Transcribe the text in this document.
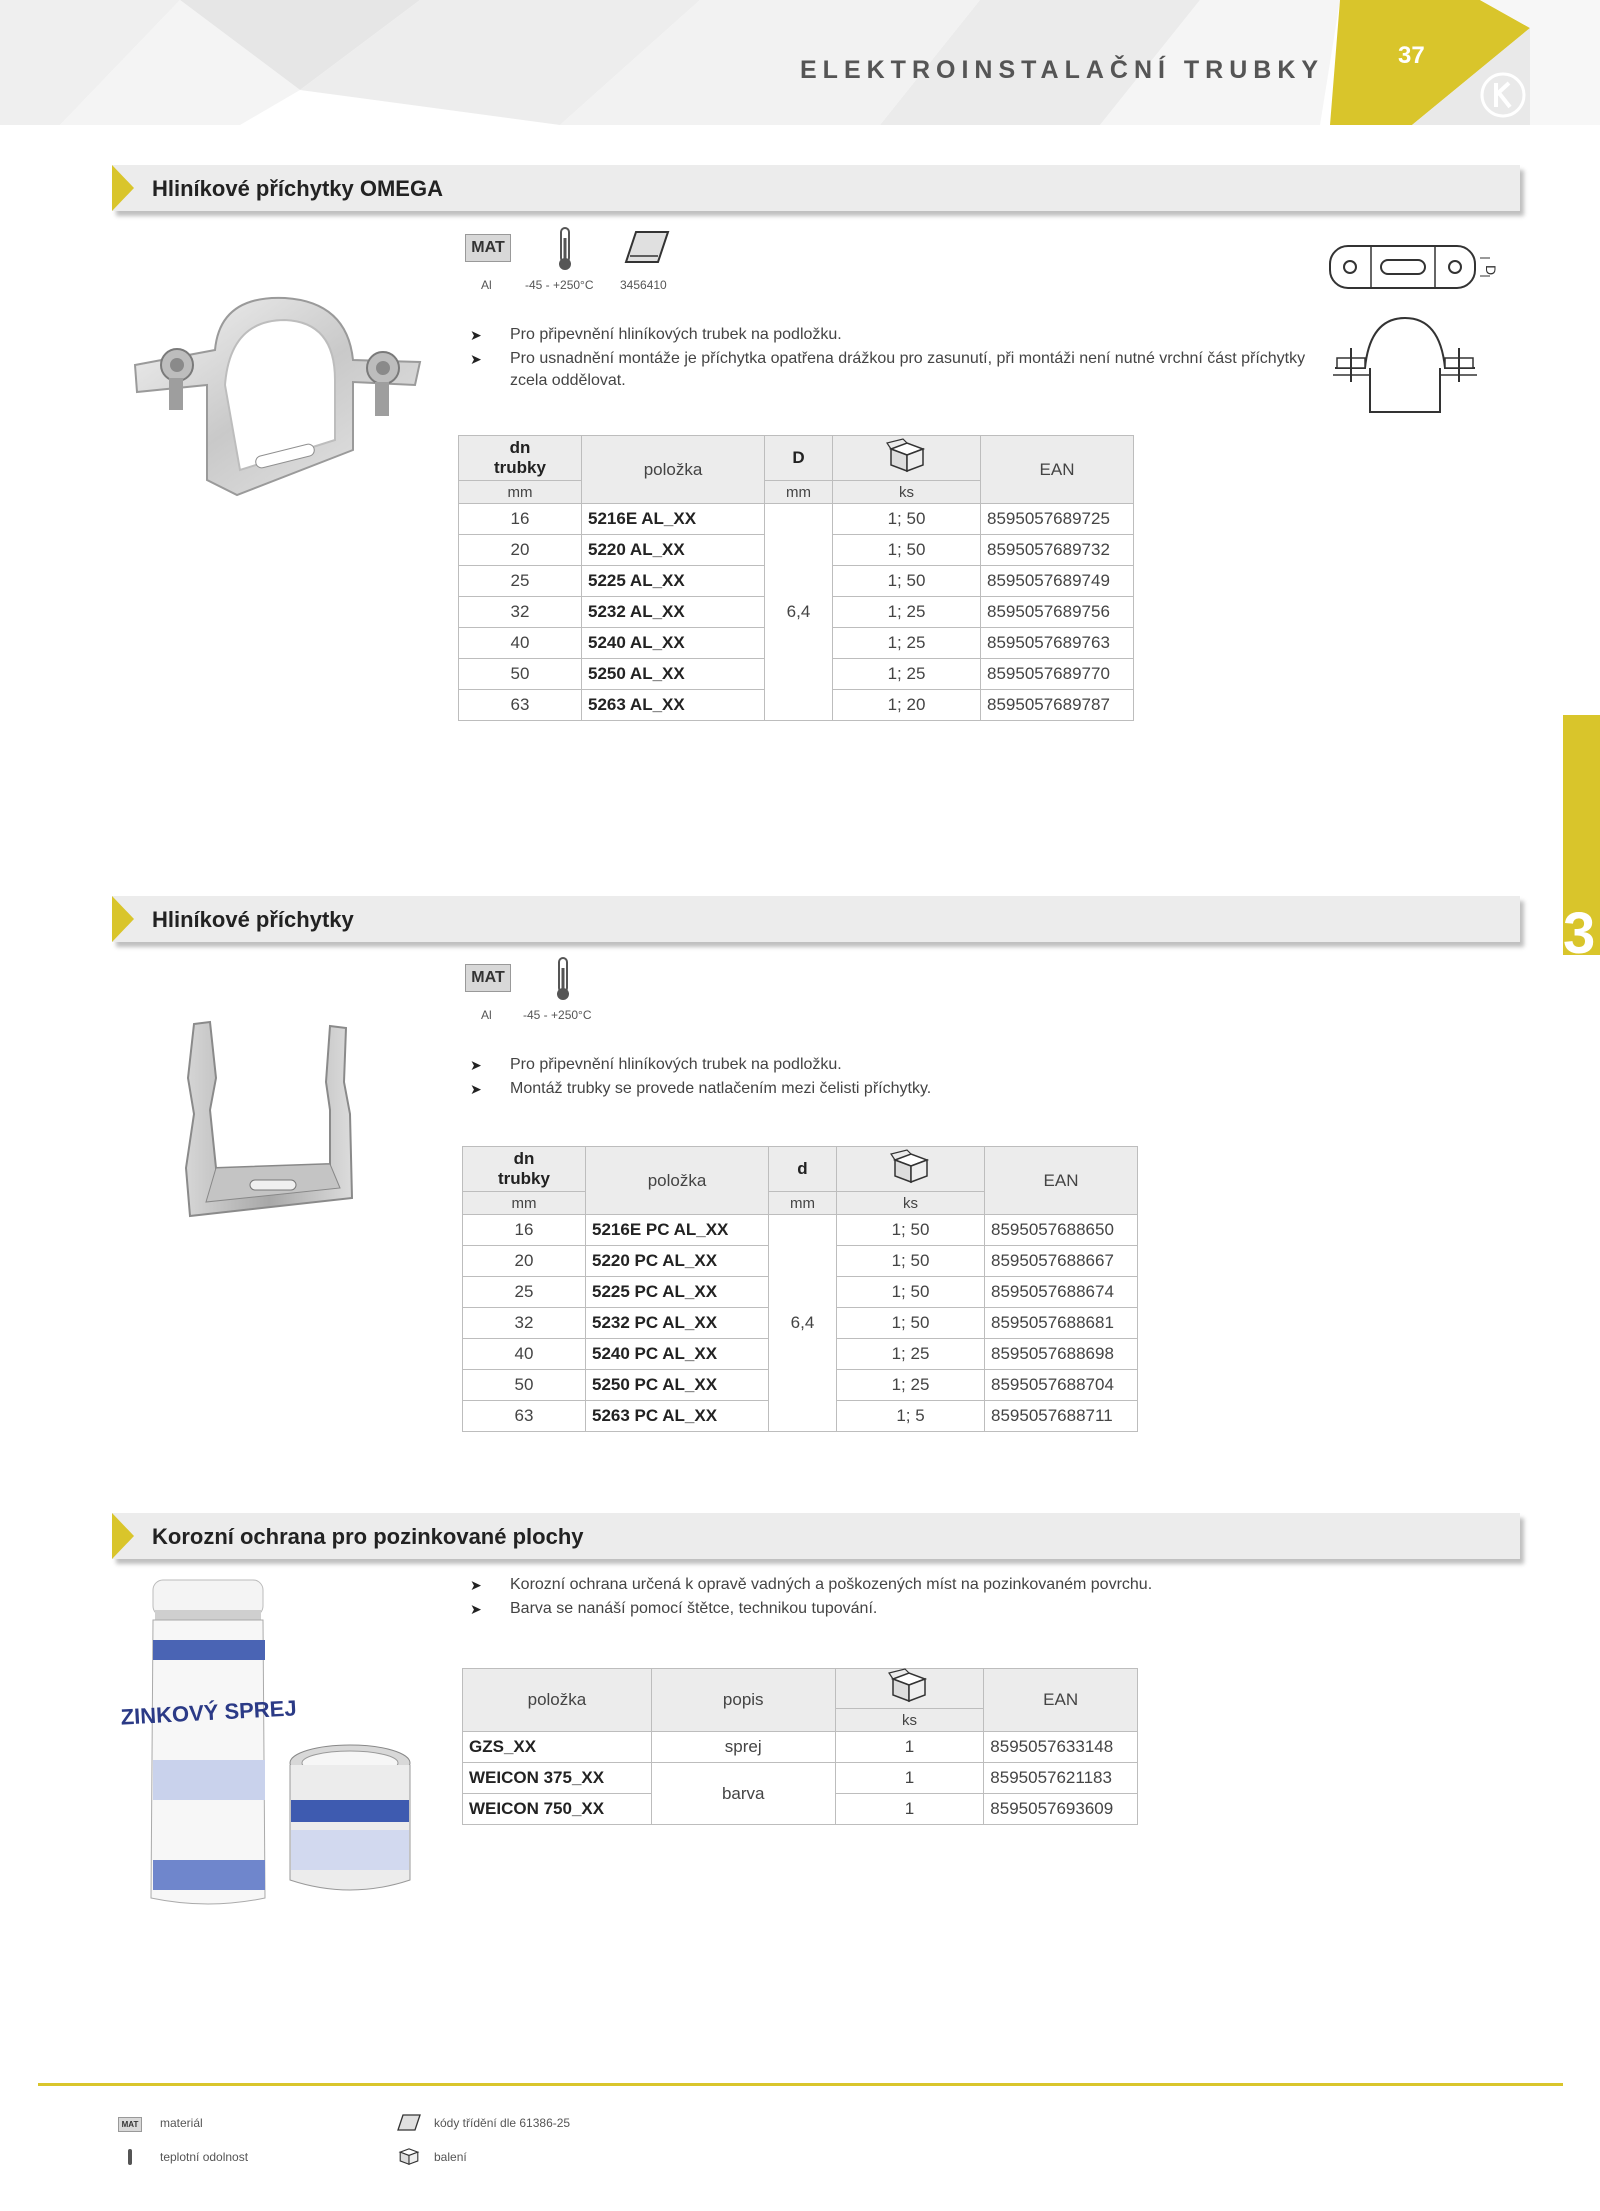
ELEKTROINSTALAČNÍ TRUBKY
37
3
Hliníkové příchytky OMEGA
MAT
Al	-45 - +250°C 3456410
➤ Pro připevnění hliníkových trubek na podložku.
➤ Pro usnadnění montáže je příchytka opatřena drážkou pro zasunutí, při montáži není nutné vrchní část příchytky zcela oddělovat.
D
dn
trubky	položka	D		EAN
mm		mm	ks	
16	5216E AL_XX	6,4	1; 50	8595057689725
20	5220 AL_XX		1; 50	8595057689732
25	5225 AL_XX		1; 50	8595057689749
32	5232 AL_XX		1; 25	8595057689756
40	5240 AL_XX		1; 25	8595057689763
50	5250 AL_XX		1; 25	8595057689770
63	5263 AL_XX		1; 20	8595057689787
Hliníkové příchytky
MAT
Al	-45 - +250°C
➤ Pro připevnění hliníkových trubek na podložku.
➤ Montáž trubky se provede natlačením mezi čelisti příchytky.
dn
trubky	položka	d		EAN
mm		mm	ks	
16	5216E PC AL_XX	6,4	1; 50	8595057688650
20	5220 PC AL_XX		1; 50	8595057688667
25	5225 PC AL_XX		1; 50	8595057688674
32	5232 PC AL_XX		1; 50	8595057688681
40	5240 PC AL_XX		1; 25	8595057688698
50	5250 PC AL_XX		1; 25	8595057688704
63	5263 PC AL_XX		1; 5	8595057688711
Korozní ochrana pro pozinkované plochy
ZINKOVÝ SPREJ
➤ Korozní ochrana určená k opravě vadných a poškozených míst na pozinkovaném povrchu.
➤ Barva se nanáší pomocí štětce, technikou tupování.
položka	popis		EAN
		ks	
GZS_XX	sprej	1	8595057633148
WEICON 375_XX	barva	1	8595057621183
WEICON 750_XX		1	8595057693609
MAT	materiál
teplotní odolnost
kódy třídění dle 61386-25
balení
